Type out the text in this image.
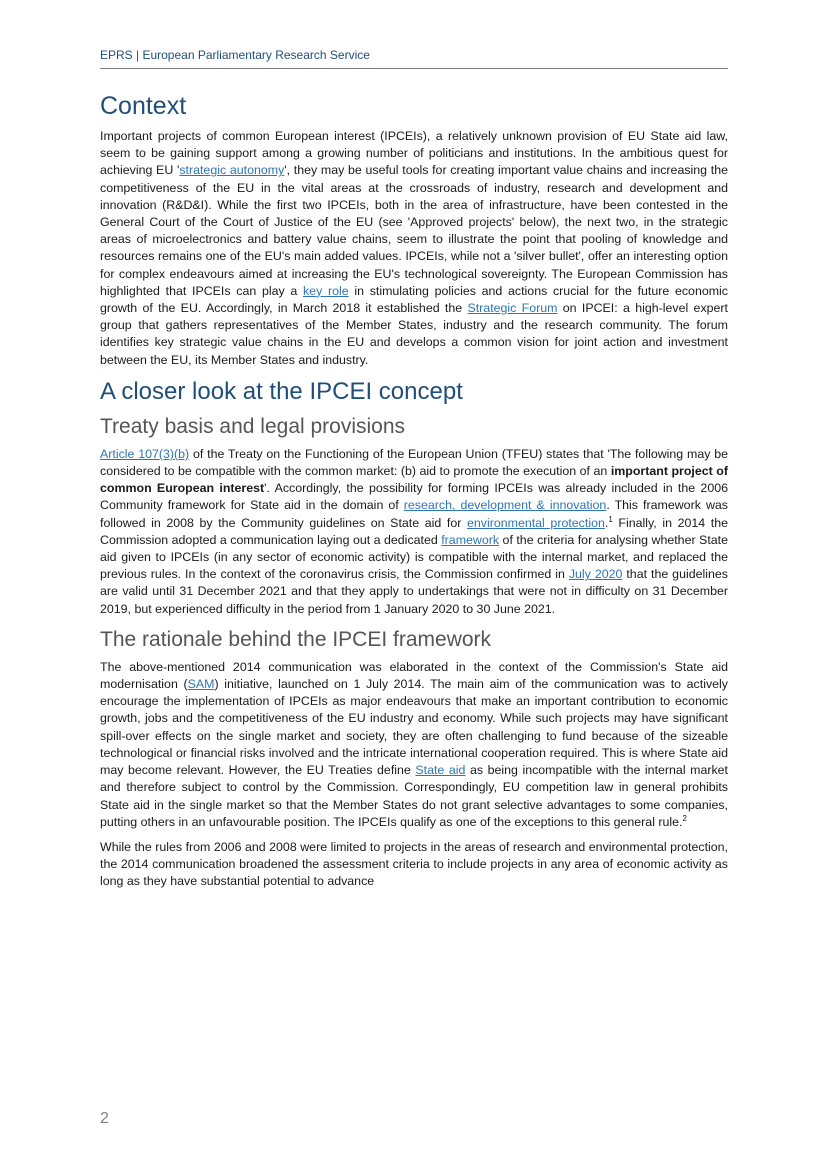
EPRS | European Parliamentary Research Service
Context

Important projects of common European interest (IPCEIs), a relatively unknown provision of EU State aid law, seem to be gaining support among a growing number of politicians and institutions. In the ambitious quest for achieving EU 'strategic autonomy', they may be useful tools for creating important value chains and increasing the competitiveness of the EU in the vital areas at the crossroads of industry, research and development and innovation (R&D&I). While the first two IPCEIs, both in the area of infrastructure, have been contested in the General Court of the Court of Justice of the EU (see 'Approved projects' below), the next two, in the strategic areas of microelectronics and battery value chains, seem to illustrate the point that pooling of knowledge and resources remains one of the EU's main added values. IPCEIs, while not a 'silver bullet', offer an interesting option for complex endeavours aimed at increasing the EU's technological sovereignty. The European Commission has highlighted that IPCEIs can play a key role in stimulating policies and actions crucial for the future economic growth of the EU. Accordingly, in March 2018 it established the Strategic Forum on IPCEI: a high-level expert group that gathers representatives of the Member States, industry and the research community. The forum identifies key strategic value chains in the EU and develops a common vision for joint action and investment between the EU, its Member States and industry.

A closer look at the IPCEI concept
Treaty basis and legal provisions

Article 107(3)(b) of the Treaty on the Functioning of the European Union (TFEU) states that 'The following may be considered to be compatible with the common market: (b) aid to promote the execution of an important project of common European interest'. Accordingly, the possibility for forming IPCEIs was already included in the 2006 Community framework for State aid in the domain of research, development & innovation. This framework was followed in 2008 by the Community guidelines on State aid for environmental protection.$^1$ Finally, in 2014 the Commission adopted a communication laying out a dedicated framework of the criteria for analysing whether State aid given to IPCEIs (in any sector of economic activity) is compatible with the internal market, and replaced the previous rules. In the context of the coronavirus crisis, the Commission confirmed in July 2020 that the guidelines are valid until 31 December 2021 and that they apply to undertakings that were not in difficulty on 31 December 2019, but experienced difficulty in the period from 1 January 2020 to 30 June 2021.

The rationale behind the IPCEI framework

The above-mentioned 2014 communication was elaborated in the context of the Commission's State aid modernisation (SAM) initiative, launched on 1 July 2014. The main aim of the communication was to actively encourage the implementation of IPCEIs as major endeavours that make an important contribution to economic growth, jobs and the competitiveness of the EU industry and economy. While such projects may have significant spill-over effects on the single market and society, they are often challenging to fund because of the sizeable technological or financial risks involved and the intricate international cooperation required. This is where State aid may become relevant. However, the EU Treaties define State aid as being incompatible with the internal market and therefore subject to control by the Commission. Correspondingly, EU competition law in general prohibits State aid in the single market so that the Member States do not grant selective advantages to some companies, putting others in an unfavourable position. The IPCEIs qualify as one of the exceptions to this general rule.$^2$

While the rules from 2006 and 2008 were limited to projects in the areas of research and environmental protection, the 2014 communication broadened the assessment criteria to include projects in any area of economic activity as long as they have substantial potential to advance

2
